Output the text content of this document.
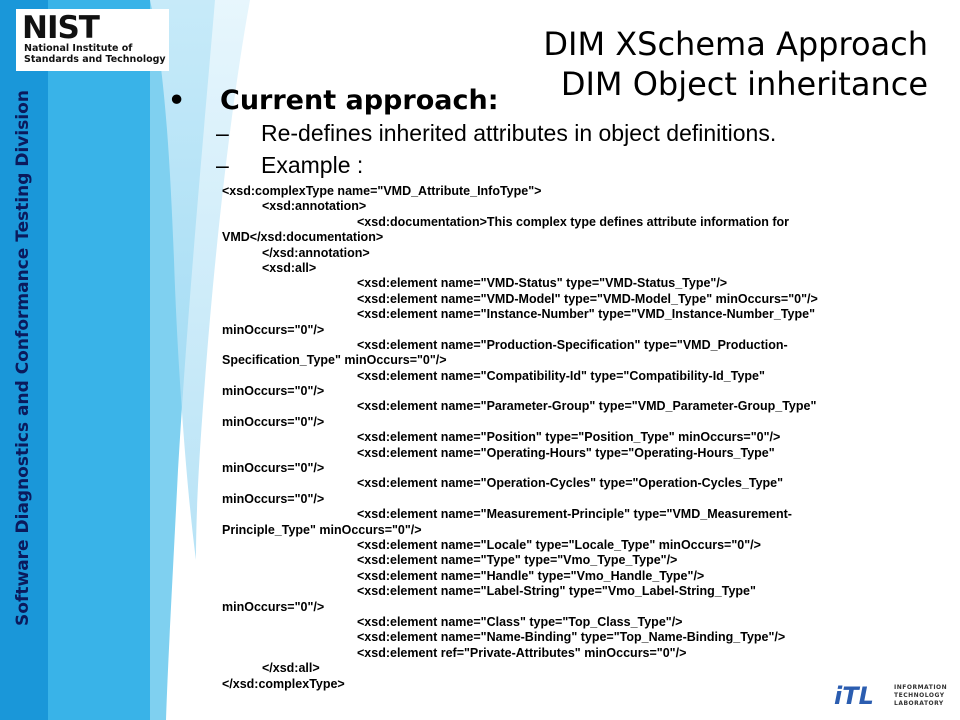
NIST
National Institute of
Standards and Technology
Software Diagnostics and Conformance Testing Division
DIM XSchema Approach
DIM Object inheritance
• Current approach:
– Re-defines inherited attributes in object definitions.
– Example :
<xsd:complexType name="VMD_Attribute_InfoType">
<xsd:annotation>
<xsd:documentation>This complex type defines attribute information for
VMD</xsd:documentation>
</xsd:annotation>
<xsd:all>
<xsd:element name="VMD-Status" type="VMD-Status_Type"/>
<xsd:element name="VMD-Model" type="VMD-Model_Type" minOccurs="0"/>
<xsd:element name="Instance-Number" type="VMD_Instance-Number_Type"
minOccurs="0"/>
<xsd:element name="Production-Specification" type="VMD_Production-
Specification_Type" minOccurs="0"/>
<xsd:element name="Compatibility-Id" type="Compatibility-Id_Type"
minOccurs="0"/>
<xsd:element name="Parameter-Group" type="VMD_Parameter-Group_Type"
minOccurs="0"/>
<xsd:element name="Position" type="Position_Type" minOccurs="0"/>
<xsd:element name="Operating-Hours" type="Operating-Hours_Type"
minOccurs="0"/>
<xsd:element name="Operation-Cycles" type="Operation-Cycles_Type"
minOccurs="0"/>
<xsd:element name="Measurement-Principle" type="VMD_Measurement-
Principle_Type" minOccurs="0"/>
<xsd:element name="Locale" type="Locale_Type" minOccurs="0"/>
<xsd:element name="Type" type="Vmo_Type_Type"/>
<xsd:element name="Handle" type="Vmo_Handle_Type"/>
<xsd:element name="Label-String" type="Vmo_Label-String_Type"
minOccurs="0"/>
<xsd:element name="Class" type="Top_Class_Type"/>
<xsd:element name="Name-Binding" type="Top_Name-Binding_Type"/>
<xsd:element ref="Private-Attributes" minOccurs="0"/>
</xsd:all>
</xsd:complexType>	iTL	INFORMATION
TECHNOLOGY
LABORATORY
